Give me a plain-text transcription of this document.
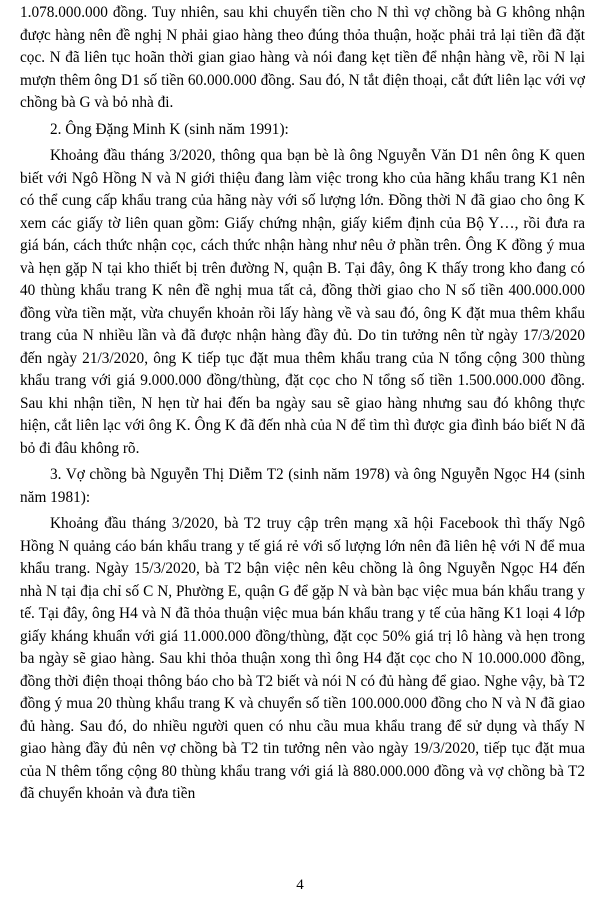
1.078.000.000 đồng. Tuy nhiên, sau khi chuyển tiền cho N thì vợ chồng bà G không nhận được hàng nên đề nghị N phải giao hàng theo đúng thỏa thuận, hoặc phải trả lại tiền đã đặt cọc. N đã liên tục hoãn thời gian giao hàng và nói đang kẹt tiền để nhận hàng về, rồi N lại mượn thêm ông D1 số tiền 60.000.000 đồng. Sau đó, N tắt điện thoại, cắt đứt liên lạc với vợ chồng bà G và bỏ nhà đi.

2. Ông Đặng Minh K (sinh năm 1991):

Khoảng đầu tháng 3/2020, thông qua bạn bè là ông Nguyễn Văn D1 nên ông K quen biết với Ngô Hồng N và N giới thiệu đang làm việc trong kho của hãng khẩu trang K1 nên có thể cung cấp khẩu trang của hãng này với số lượng lớn. Đồng thời N đã giao cho ông K xem các giấy tờ liên quan gồm: Giấy chứng nhận, giấy kiểm định của Bộ Y…, rồi đưa ra giá bán, cách thức nhận cọc, cách thức nhận hàng như nêu ở phần trên. Ông K đồng ý mua và hẹn gặp N tại kho thiết bị trên đường N, quận B. Tại đây, ông K thấy trong kho đang có 40 thùng khẩu trang K nên đề nghị mua tất cả, đồng thời giao cho N số tiền 400.000.000 đồng vừa tiền mặt, vừa chuyển khoản rồi lấy hàng về và sau đó, ông K đặt mua thêm khẩu trang của N nhiều lần và đã được nhận hàng đầy đủ. Do tin tưởng nên từ ngày 17/3/2020 đến ngày 21/3/2020, ông K tiếp tục đặt mua thêm khẩu trang của N tổng cộng 300 thùng khẩu trang với giá 9.000.000 đồng/thùng, đặt cọc cho N tổng số tiền 1.500.000.000 đồng. Sau khi nhận tiền, N hẹn từ hai đến ba ngày sau sẽ giao hàng nhưng sau đó không thực hiện, cắt liên lạc với ông K. Ông K đã đến nhà của N để tìm thì được gia đình báo biết N đã bỏ đi đâu không rõ.

3. Vợ chồng bà Nguyễn Thị Diễm T2 (sinh năm 1978) và ông Nguyễn Ngọc H4 (sinh năm 1981):

Khoảng đầu tháng 3/2020, bà T2 truy cập trên mạng xã hội Facebook thì thấy Ngô Hồng N quảng cáo bán khẩu trang y tế giá rẻ với số lượng lớn nên đã liên hệ với N để mua khẩu trang. Ngày 15/3/2020, bà T2 bận việc nên kêu chồng là ông Nguyễn Ngọc H4 đến nhà N tại địa chỉ số C N, Phường E, quận G để gặp N và bàn bạc việc mua bán khẩu trang y tế. Tại đây, ông H4 và N đã thỏa thuận việc mua bán khẩu trang y tế của hãng K1 loại 4 lớp giấy kháng khuẩn với giá 11.000.000 đồng/thùng, đặt cọc 50% giá trị lô hàng và hẹn trong ba ngày sẽ giao hàng. Sau khi thỏa thuận xong thì ông H4 đặt cọc cho N 10.000.000 đồng, đồng thời điện thoại thông báo cho bà T2 biết và nói N có đủ hàng để giao. Nghe vậy, bà T2 đồng ý mua 20 thùng khẩu trang K và chuyển số tiền 100.000.000 đồng cho N và N đã giao đủ hàng. Sau đó, do nhiều người quen có nhu cầu mua khẩu trang để sử dụng và thấy N giao hàng đầy đủ nên vợ chồng bà T2 tin tưởng nên vào ngày 19/3/2020, tiếp tục đặt mua của N thêm tổng cộng 80 thùng khẩu trang với giá là 880.000.000 đồng và vợ chồng bà T2 đã chuyển khoản và đưa tiền

4
